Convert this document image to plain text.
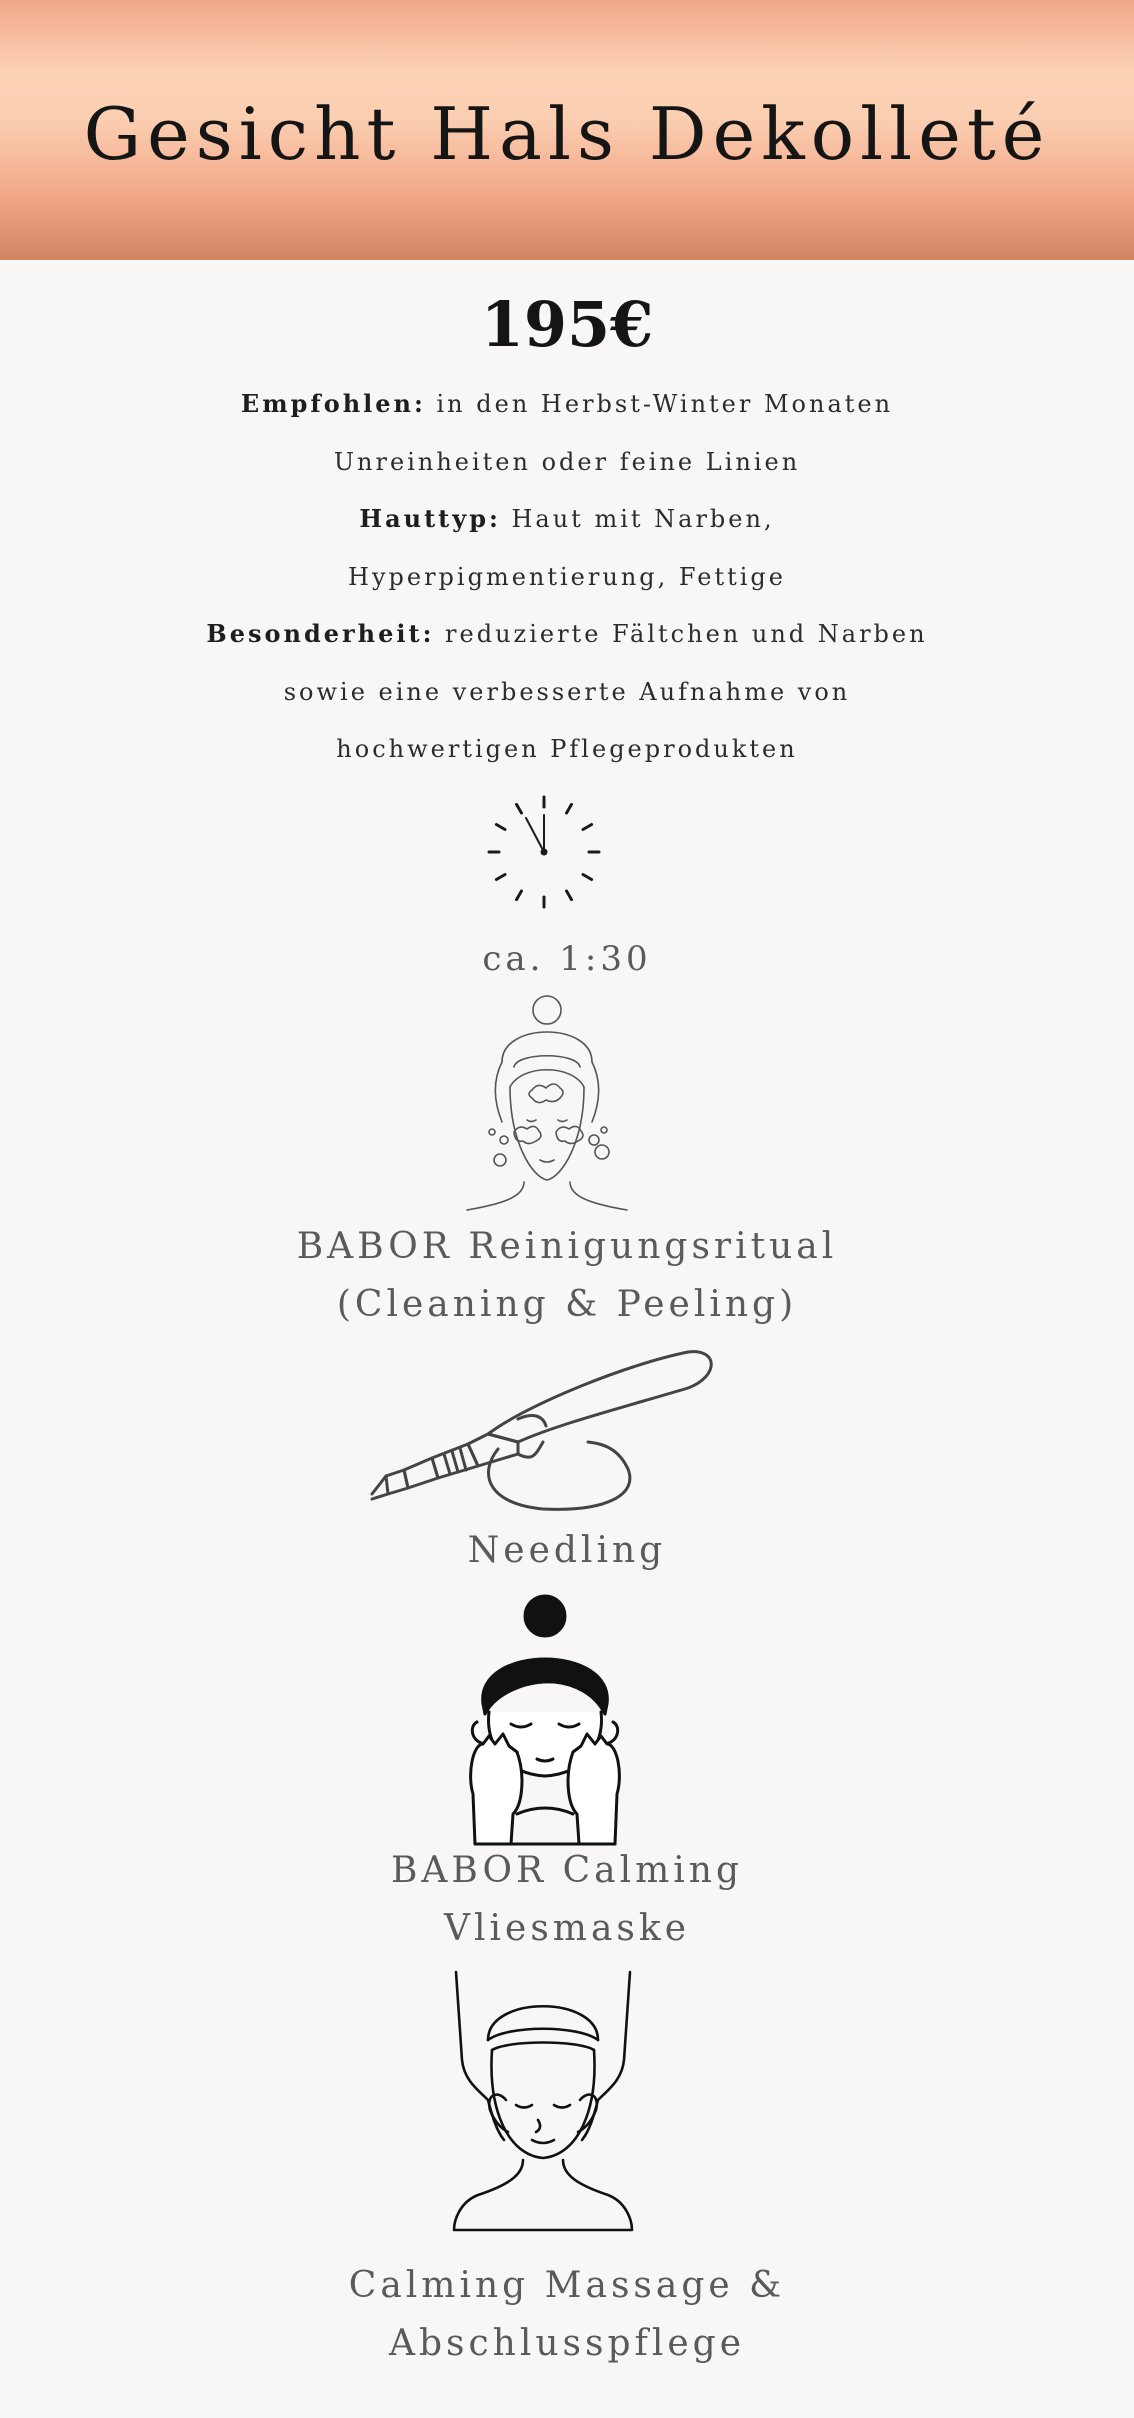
Gesicht Hals Dekolleté
195€
Empfohlen: in den Herbst-Winter Monaten
Unreinheiten oder feine Linien
Hauttyp: Haut mit Narben,
Hyperpigmentierung, Fettige
Besonderheit: reduzierte Fältchen und Narben
sowie eine verbesserte Aufnahme von
hochwertigen Pflegeprodukten
ca. 1:30
BABOR Reinigungsritual
(Cleaning & Peeling)
Needling
BABOR Calming
Vliesmaske
Calming Massage &
Abschlusspflege
